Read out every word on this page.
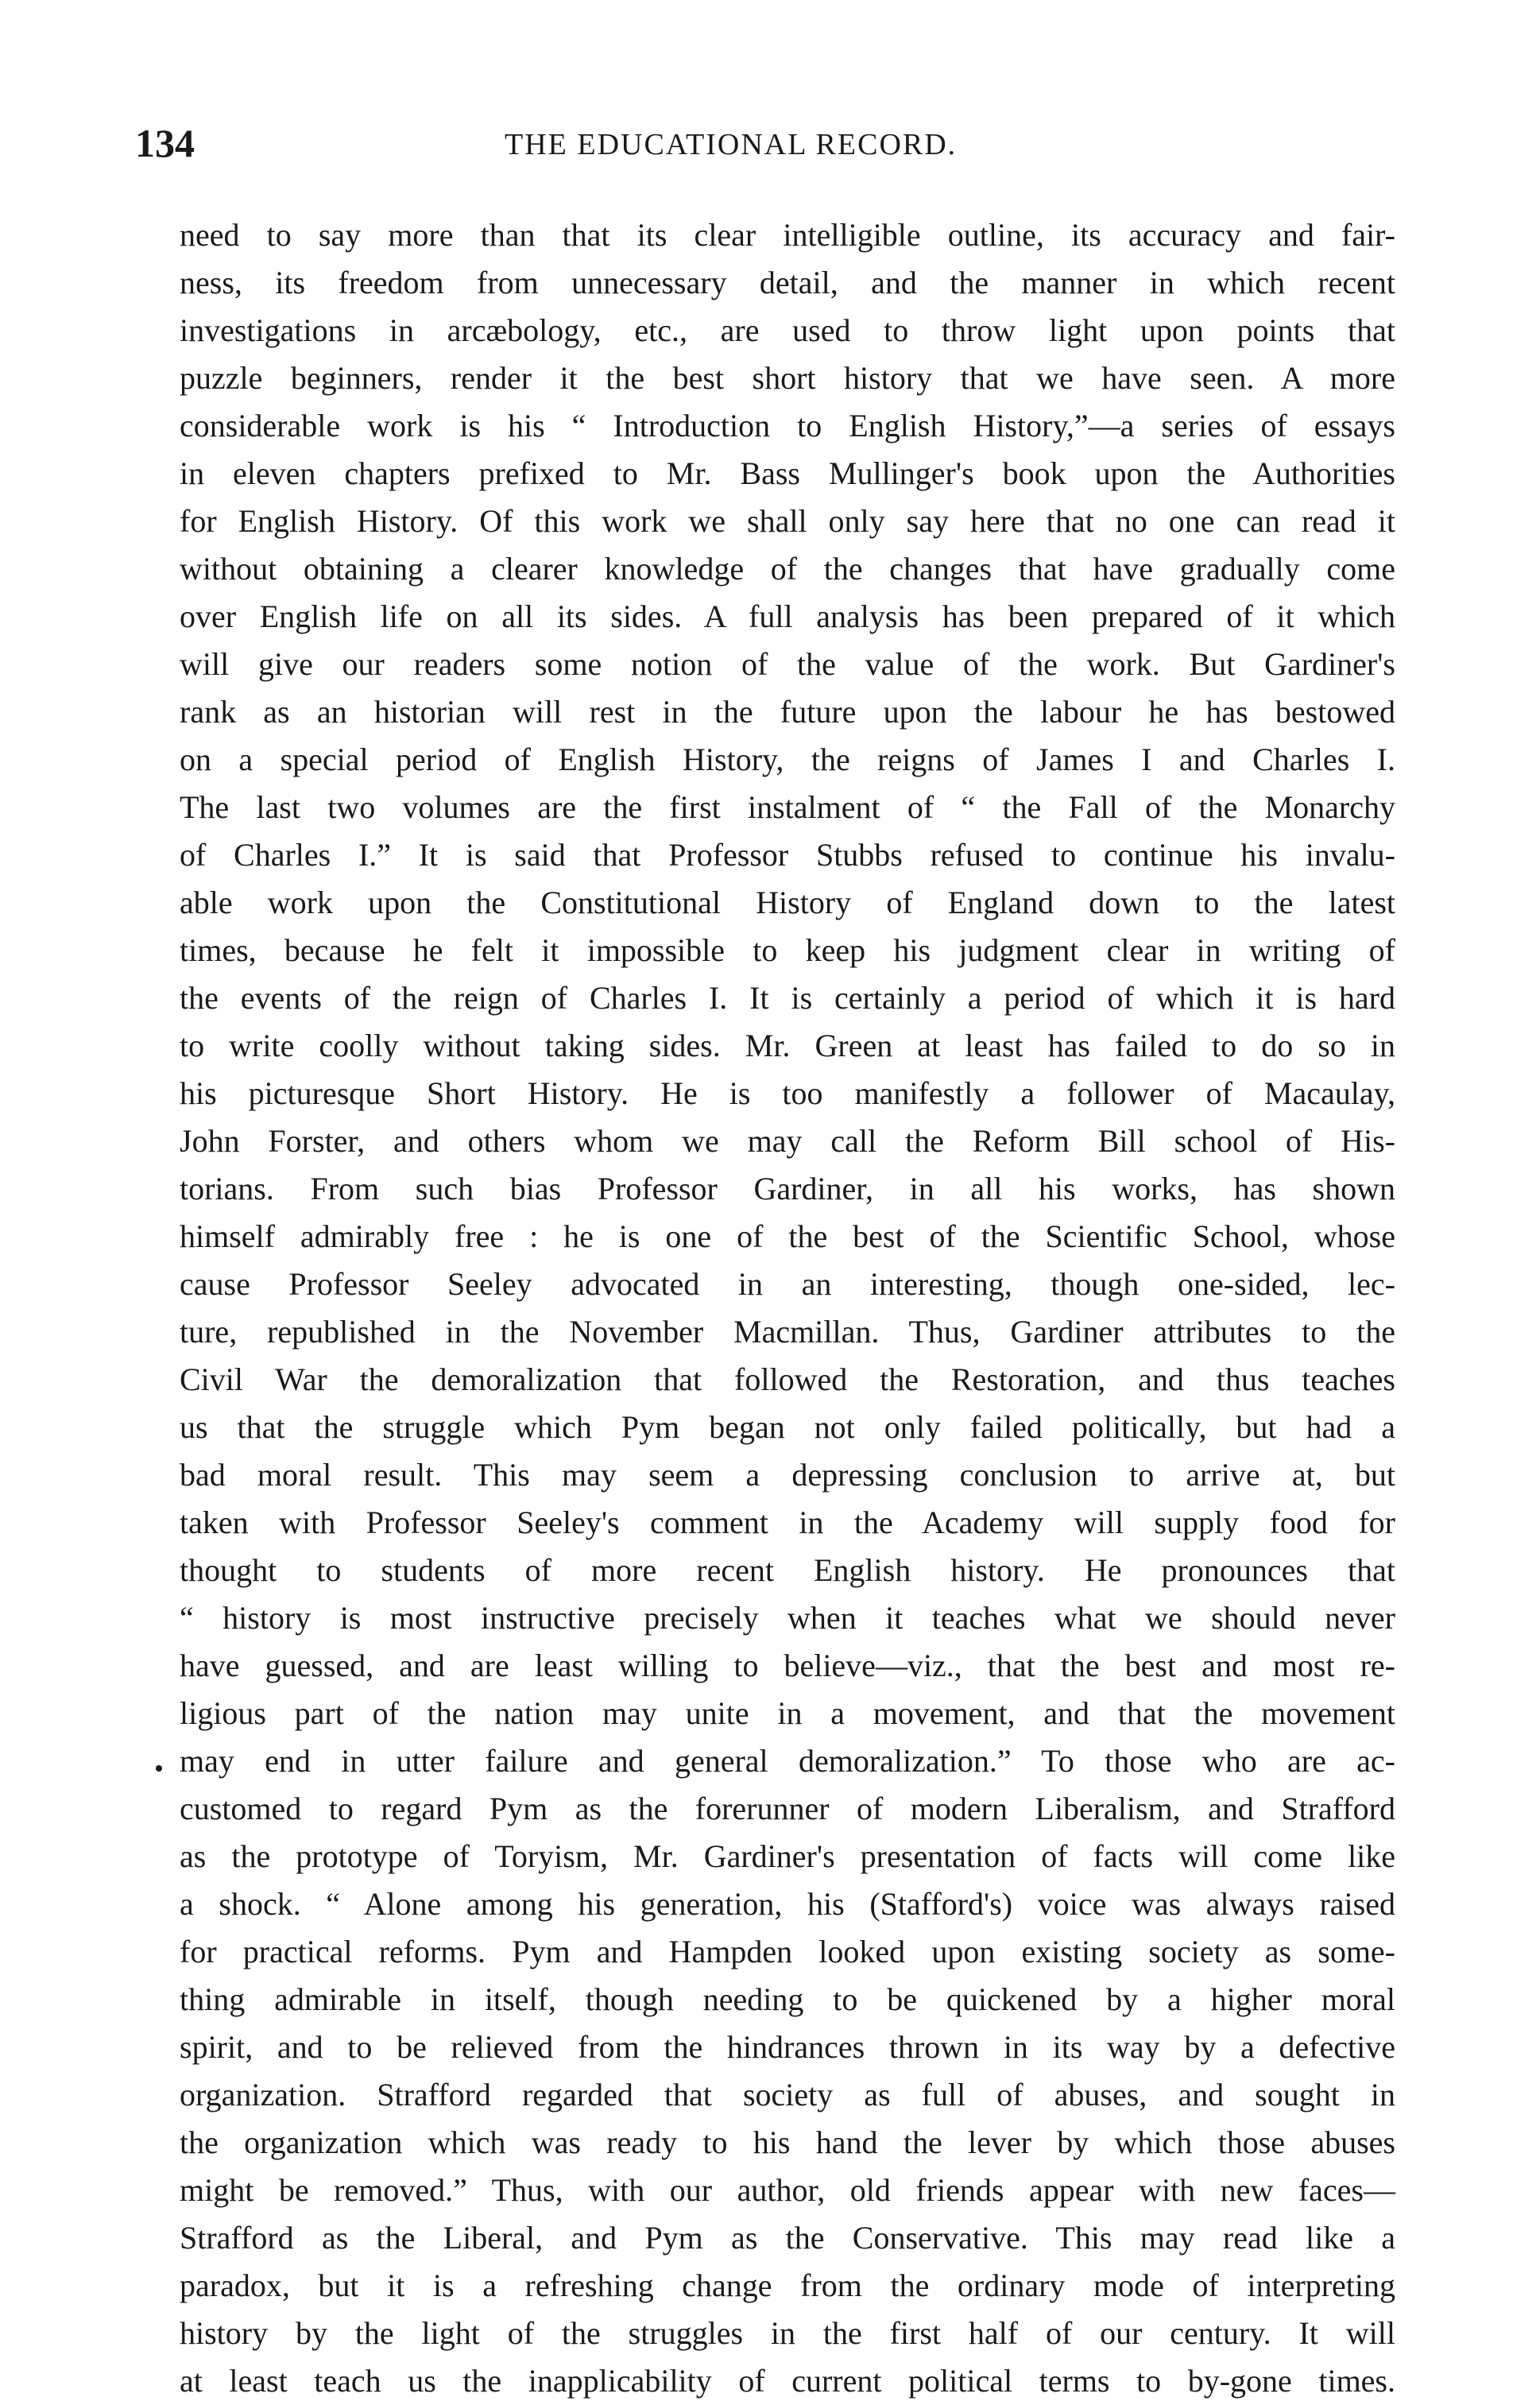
134	THE EDUCATIONAL RECORD.
need to say more than that its clear intelligible outline, its accuracy and fair-
ness, its freedom from unnecessary detail, and the manner in which recent
investigations in arcæbology, etc., are used to throw light upon points that
puzzle beginners, render it the best short history that we have seen. A more
considerable work is his “ Introduction to English History,”—a series of essays
in eleven chapters prefixed to Mr. Bass Mullinger's book upon the Authorities
for English History. Of this work we shall only say here that no one can read it
without obtaining a clearer knowledge of the changes that have gradually come
over English life on all its sides. A full analysis has been prepared of it which
will give our readers some notion of the value of the work. But Gardiner's
rank as an historian will rest in the future upon the labour he has bestowed
on a special period of English History, the reigns of James I and Charles I.
The last two volumes are the first instalment of “ the Fall of the Monarchy
of Charles I.” It is said that Professor Stubbs refused to continue his invalu-
able work upon the Constitutional History of England down to the latest
times, because he felt it impossible to keep his judgment clear in writing of
the events of the reign of Charles I. It is certainly a period of which it is hard
to write coolly without taking sides. Mr. Green at least has failed to do so in
his picturesque Short History. He is too manifestly a follower of Macaulay,
John Forster, and others whom we may call the Reform Bill school of His-
torians. From such bias Professor Gardiner, in all his works, has shown
himself admirably free : he is one of the best of the Scientific School, whose
cause Professor Seeley advocated in an interesting, though one-sided, lec-
ture, republished in the November Macmillan. Thus, Gardiner attributes to the
Civil War the demoralization that followed the Restoration, and thus teaches
us that the struggle which Pym began not only failed politically, but had a
bad moral result. This may seem a depressing conclusion to arrive at, but
taken with Professor Seeley's comment in the Academy will supply food for
thought to students of more recent English history. He pronounces that
“ history is most instructive precisely when it teaches what we should never
have guessed, and are least willing to believe—viz., that the best and most re-
ligious part of the nation may unite in a movement, and that the movement
may end in utter failure and general demoralization.” To those who are ac-
customed to regard Pym as the forerunner of modern Liberalism, and Strafford
as the prototype of Toryism, Mr. Gardiner's presentation of facts will come like
a shock. “ Alone among his generation, his (Stafford's) voice was always raised
for practical reforms. Pym and Hampden looked upon existing society as some-
thing admirable in itself, though needing to be quickened by a higher moral
spirit, and to be relieved from the hindrances thrown in its way by a defective
organization. Strafford regarded that society as full of abuses, and sought in
the organization which was ready to his hand the lever by which those abuses
might be removed.” Thus, with our author, old friends appear with new faces—
Strafford as the Liberal, and Pym as the Conservative. This may read like a
paradox, but it is a refreshing change from the ordinary mode of interpreting
history by the light of the struggles in the first half of our century. It will
at least teach us the inapplicability of current political terms to by-gone times.
